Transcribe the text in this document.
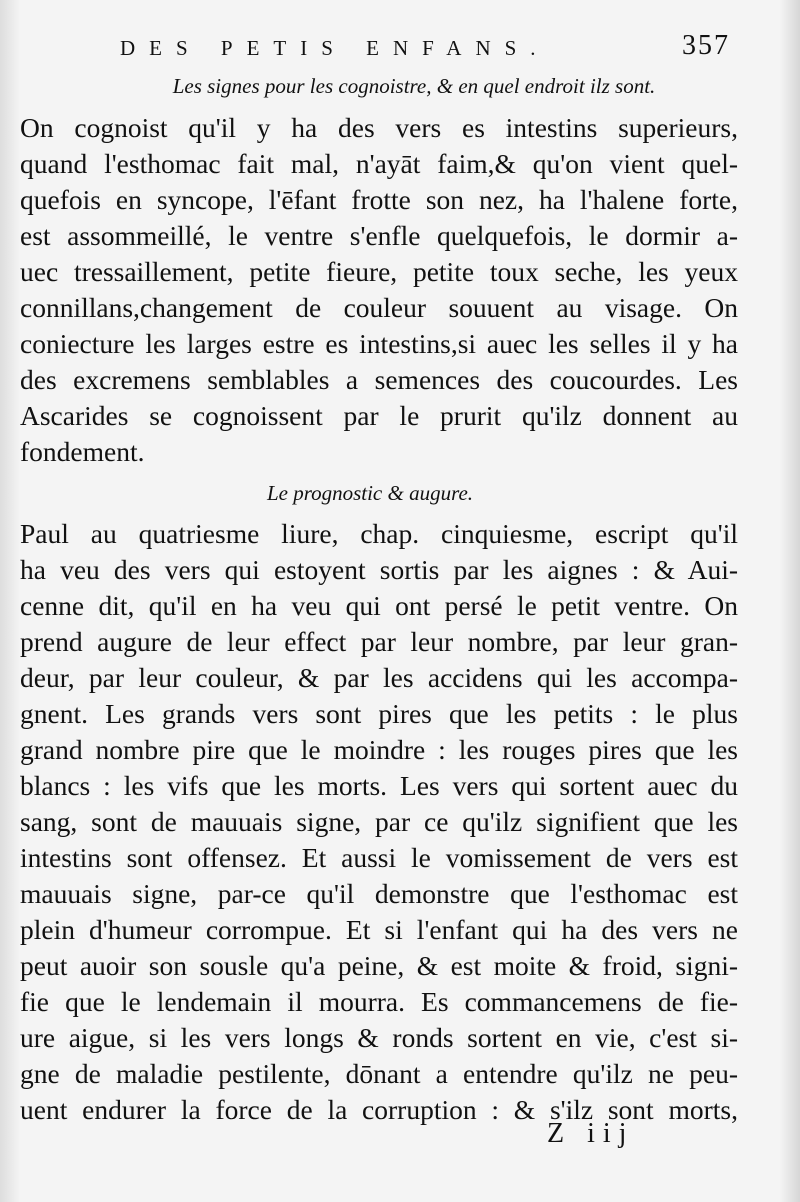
DES PETIS ENFANS.	357
Les signes pour les cognoistre, & en quel endroit ilz sont.
On cognoist qu'il y ha des vers es intestins superieurs,
quand l'esthomac fait mal, n'ayāt faim,& qu'on vient quel-
quefois en syncope, l'ēfant frotte son nez, ha l'halene forte,
est assommeillé, le ventre s'enfle quelquefois, le dormir a-
uec tressaillement, petite fieure, petite toux seche, les yeux
connillans,changement de couleur souuent au visage. On
coniecture les larges estre es intestins,si auec les selles il y ha
des excremens semblables a semences des coucourdes. Les
Ascarides se cognoissent par le prurit qu'ilz donnent au
fondement.
Le prognostic & augure.
Paul au quatriesme liure, chap. cinquiesme, escript qu'il
ha veu des vers qui estoyent sortis par les aignes : & Aui-
cenne dit, qu'il en ha veu qui ont persé le petit ventre. On
prend augure de leur effect par leur nombre, par leur gran-
deur, par leur couleur, & par les accidens qui les accompa-
gnent. Les grands vers sont pires que les petits : le plus
grand nombre pire que le moindre : les rouges pires que les
blancs : les vifs que les morts. Les vers qui sortent auec du
sang, sont de mauuais signe, par ce qu'ilz signifient que les
intestins sont offensez. Et aussi le vomissement de vers est
mauuais signe, par-ce qu'il demonstre que l'esthomac est
plein d'humeur corrompue. Et si l'enfant qui ha des vers ne
peut auoir son sousle qu'a peine, & est moite & froid, signi-
fie que le lendemain il mourra. Es commancemens de fie-
ure aigue, si les vers longs & ronds sortent en vie, c'est si-
gne de maladie pestilente, dōnant a entendre qu'ilz ne peu-
uent endurer la force de la corruption : & s'ilz sont morts,
Z iij
